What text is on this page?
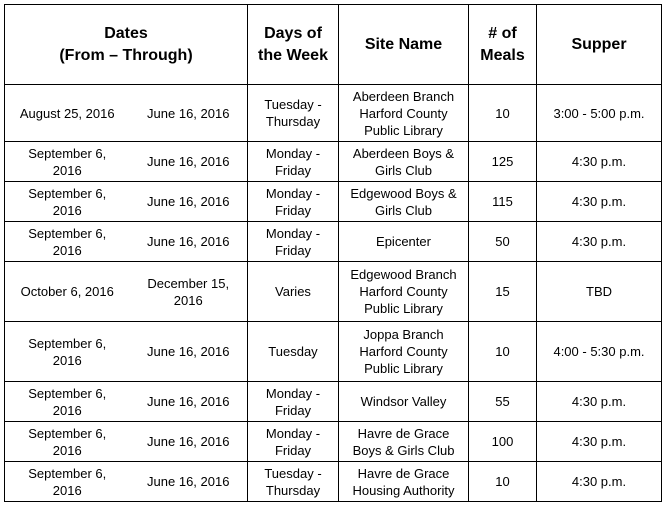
Dates
(From – Through)		Days of
the Week	Site Name	# of
Meals	Supper
August 25, 2016	June 16, 2016	Tuesday -
Thursday	Aberdeen Branch
Harford County
Public Library	10	3:00 - 5:00 p.m.
September 6,
2016	June 16, 2016	Monday -
Friday	Aberdeen Boys &
Girls Club	125	4:30 p.m.
September 6,
2016	June 16, 2016	Monday -
Friday	Edgewood Boys &
Girls Club	115	4:30 p.m.
September 6,
2016	June 16, 2016	Monday -
Friday	Epicenter	50	4:30 p.m.
October 6, 2016	December 15,
2016	Varies	Edgewood Branch
Harford County
Public Library	15	TBD
September 6,
2016	June 16, 2016	Tuesday	Joppa Branch
Harford County
Public Library	10	4:00 - 5:30 p.m.
September 6,
2016	June 16, 2016	Monday -
Friday	Windsor Valley	55	4:30 p.m.
September 6,
2016	June 16, 2016	Monday -
Friday	Havre de Grace
Boys & Girls Club	100	4:30 p.m.
September 6,
2016	June 16, 2016	Tuesday -
Thursday	Havre de Grace
Housing Authority	10	4:30 p.m.
